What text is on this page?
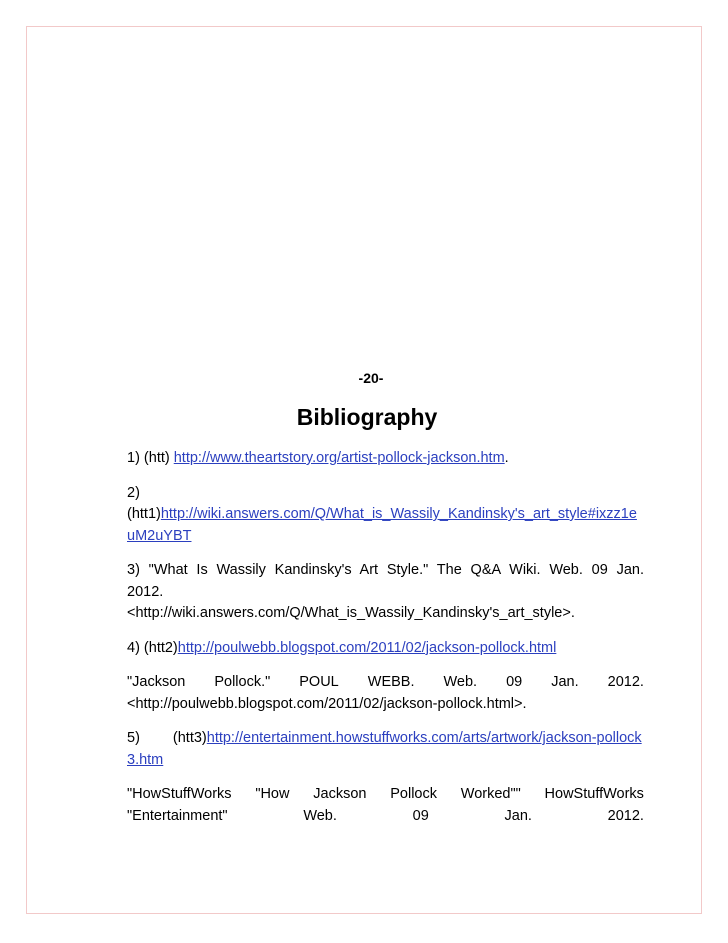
-20-
Bibliography
1) (htt) http://www.theartstory.org/artist-pollock-jackson.htm.
2)
(htt1)http://wiki.answers.com/Q/What_is_Wassily_Kandinsky's_art_style#ixzz1euM2uYBT
3) "What Is Wassily Kandinsky's Art Style." The Q&A Wiki. Web. 09 Jan.
2012.
<http://wiki.answers.com/Q/What_is_Wassily_Kandinsky's_art_style>.
4) (htt2)http://poulwebb.blogspot.com/2011/02/jackson-pollock.html
"Jackson Pollock." POUL WEBB. Web. 09 Jan. 2012.
<http://poulwebb.blogspot.com/2011/02/jackson-pollock.html>.
5) (htt3)http://entertainment.howstuffworks.com/arts/artwork/jackson-pollock3.htm
"HowStuffWorks "How Jackson Pollock Worked"" HowStuffWorks
"Entertainment"	Web.	09	Jan.	2012.
